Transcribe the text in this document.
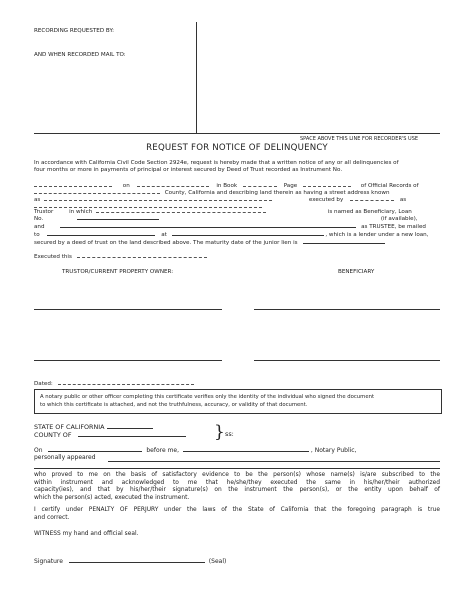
RECORDING REQUESTED BY:
AND WHEN RECORDED MAIL TO:
SPACE ABOVE THIS LINE FOR RECORDER'S USE
REQUEST FOR NOTICE OF DELINQUENCY
In accordance with California Civil Code Section 2924e, request is hereby made that a written notice of any or all delinquencies of
four months or more in payments of principal or interest secured by Deed of Trust recorded as Instrument No.
on	in Book	Page	of Official Records of
County, California and describing land therein as having a street address known
as	executed by	as
Trustor	in which	is named as Beneficiary, Loan
No.	(if available),
and	as TRUSTEE, be mailed
to	at	, which is a lender under a new loan,
secured by a deed of trust on the land described above. The maturity date of the junior lien is
Executed this
TRUSTOR/CURRENT PROPERTY OWNER:	BENEFICIARY
Dated:
A notary public or other officer completing this certificate verifies only the identity of the individual who signed the document
to which this certificate is attached, and not the truthfulness, accuracy, or validity of that document.
STATE OF CALIFORNIA
COUNTY OF	} ss:
On	before me,	, Notary Public,
personally appeared
who proved to me on the basis of satisfactory evidence to be the person(s) whose name(s) is/are subscribed to the
within instrument and acknowledged to me that he/she/they executed the same in his/her/their authorized
capacity(ies), and that by his/her/their signature(s) on the instrument the person(s), or the entity upon behalf of
which the person(s) acted, executed the instrument.
I certify under PENALTY OF PERJURY under the laws of the State of California that the foregoing paragraph is true
and correct.
WITNESS my hand and official seal.
Signature	(Seal)
